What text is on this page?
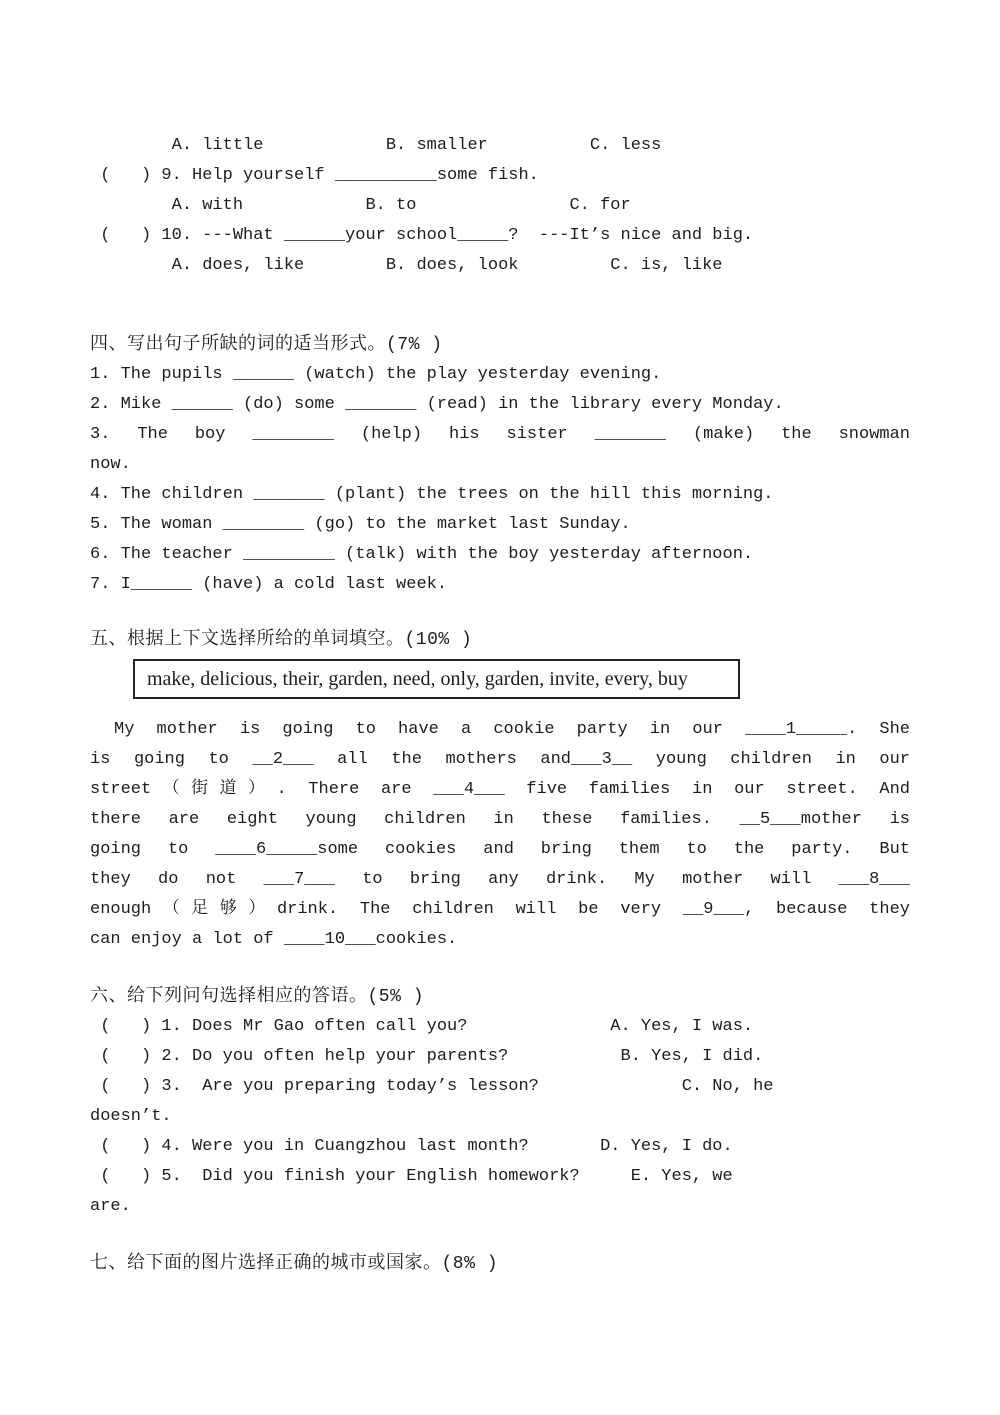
A. little            B. smaller          C. less
(   ) 9. Help yourself __________some fish.
A. with            B. to               C. for
(   ) 10. ---What ______your school_____?  ---It’s nice and big.
A. does, like        B. does, look         C. is, like
四、写出句子所缺的词的适当形式。(7% )
1. The pupils ______ (watch) the play yesterday evening.
2. Mike ______ (do) some _______ (read) in the library every Monday.
3. The boy ________ (help) his sister _______ (make) the snowman
now.
4. The children _______ (plant) the trees on the hill this morning.
5. The woman ________ (go) to the market last Sunday.
6. The teacher _________ (talk) with the boy yesterday afternoon.
7. I______ (have) a cold last week.
五、根据上下文选择所给的单词填空。(10% )
make, delicious, their, garden, need, only, garden, invite, every, buy
My mother is going to have a cookie party in our ____1_____. She
is going to __2___ all the mothers and___3__ young children in our
street（街道）. There are ___4___ five families in our street. And
there are eight young children in these families. __5___mother is
going to ____6_____some cookies and bring them to the party. But
they do not ___7___ to bring any drink. My mother will ___8___
enough（足够）drink. The children will be very __9___, because they
can enjoy a lot of ____10___cookies.
六、给下列问句选择相应的答语。(5% )
(   ) 1. Does Mr Gao often call you?              A. Yes, I was.
(   ) 2. Do you often help your parents?           B. Yes, I did.
(   ) 3.  Are you preparing today’s lesson?              C. No, he
doesn’t.
(   ) 4. Were you in Cuangzhou last month?       D. Yes, I do.
(   ) 5.  Did you finish your English homework?     E. Yes, we
are.
七、给下面的图片选择正确的城市或国家。(8% )
